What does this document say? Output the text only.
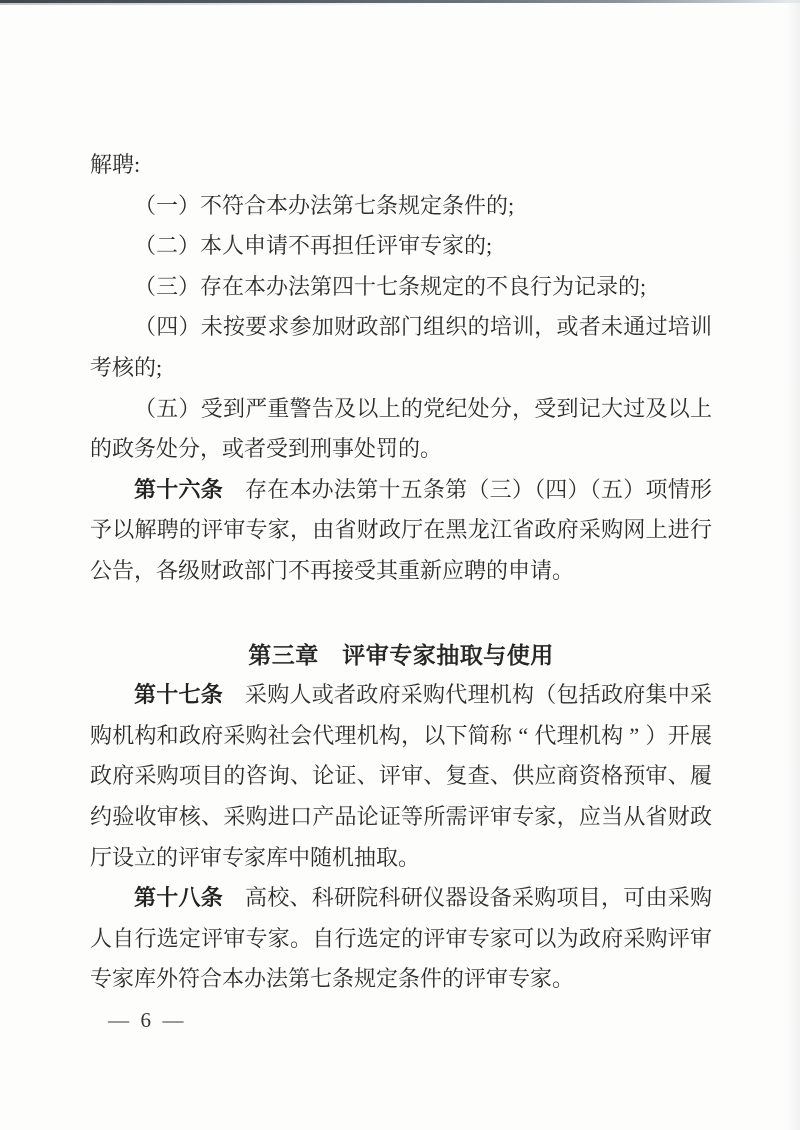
解聘:

（一）不符合本办法第七条规定条件的;

（二）本人申请不再担任评审专家的;

（三）存在本办法第四十七条规定的不良行为记录的;

（四）未按要求参加财政部门组织的培训，或者未通过培训考核的;

（五）受到严重警告及以上的党纪处分，受到记大过及以上的政务处分，或者受到刑事处罚的。

第十六条 存在本办法第十五条第（三）（四）（五）项情形予以解聘的评审专家，由省财政厅在黑龙江省政府采购网上进行公告，各级财政部门不再接受其重新应聘的申请。

第三章　评审专家抽取与使用

第十七条 采购人或者政府采购代理机构（包括政府集中采购机构和政府采购社会代理机构，以下简称 “ 代理机构 ” ）开展政府采购项目的咨询、论证、评审、复查、供应商资格预审、履约验收审核、采购进口产品论证等所需评审专家，应当从省财政厅设立的评审专家库中随机抽取。

第十八条 高校、科研院科研仪器设备采购项目，可由采购人自行选定评审专家。自行选定的评审专家可以为政府采购评审专家库外符合本办法第七条规定条件的评审专家。

— 6 —
